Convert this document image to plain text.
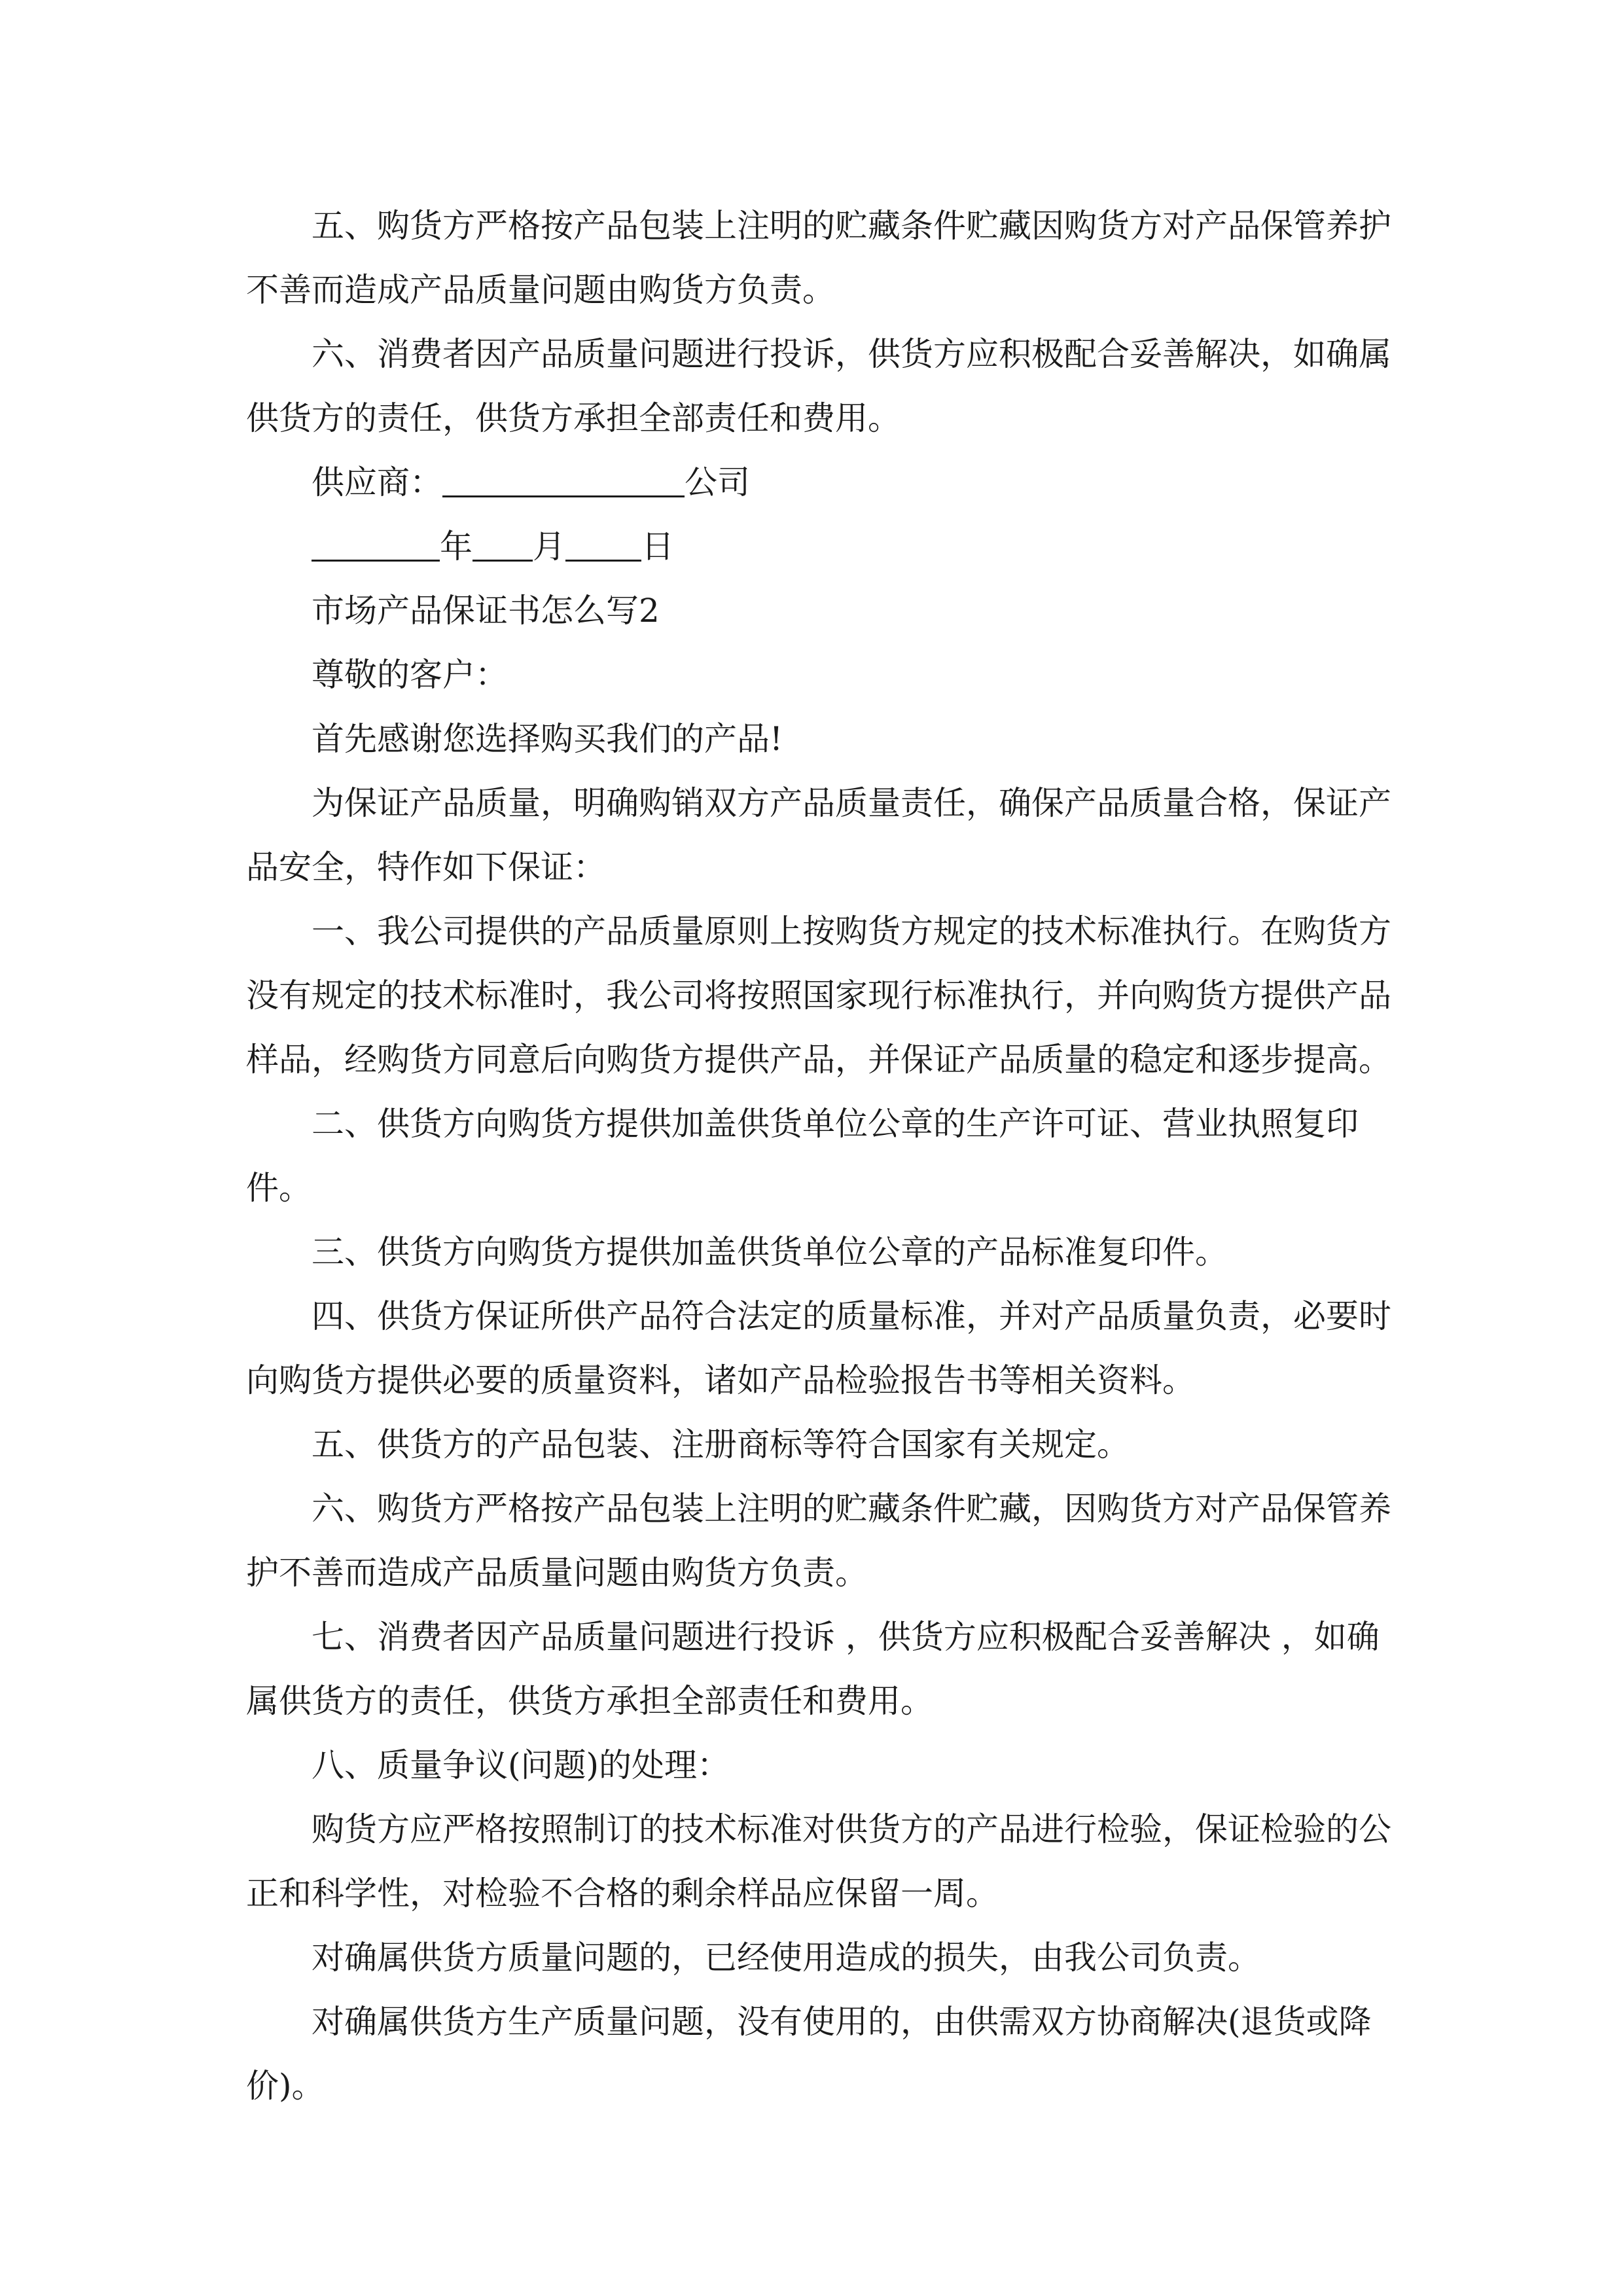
五、购货方严格按产品包装上注明的贮藏条件贮藏因购货方对产品保管养护不善而造成产品质量问题由购货方负责。

六、消费者因产品质量问题进行投诉，供货方应积极配合妥善解决，如确属供货方的责任，供货方承担全部责任和费用。

供应商：	公司

年 月 日

市场产品保证书怎么写2

尊敬的客户：

首先感谢您选择购买我们的产品!

为保证产品质量，明确购销双方产品质量责任，确保产品质量合格，保证产品安全，特作如下保证：

一、我公司提供的产品质量原则上按购货方规定的技术标准执行。在购货方没有规定的技术标准时，我公司将按照国家现行标准执行，并向购货方提供产品样品，经购货方同意后向购货方提供产品，并保证产品质量的稳定和逐步提高。

二、供货方向购货方提供加盖供货单位公章的生产许可证、营业执照复印件。

三、供货方向购货方提供加盖供货单位公章的产品标准复印件。

四、供货方保证所供产品符合法定的质量标准，并对产品质量负责，必要时向购货方提供必要的质量资料，诸如产品检验报告书等相关资料。

五、供货方的产品包装、注册商标等符合国家有关规定。

六、购货方严格按产品包装上注明的贮藏条件贮藏，因购货方对产品保管养护不善而造成产品质量问题由购货方负责。

七、消费者因产品质量问题进行投诉 ，供货方应积极配合妥善解决 ，如确属供货方的责任，供货方承担全部责任和费用。

八、质量争议(问题)的处理：

购货方应严格按照制订的技术标准对供货方的产品进行检验，保证检验的公正和科学性，对检验不合格的剩余样品应保留一周。

对确属供货方质量问题的，已经使用造成的损失，由我公司负责。

对确属供货方生产质量问题，没有使用的，由供需双方协商解决(退货或降价)。
